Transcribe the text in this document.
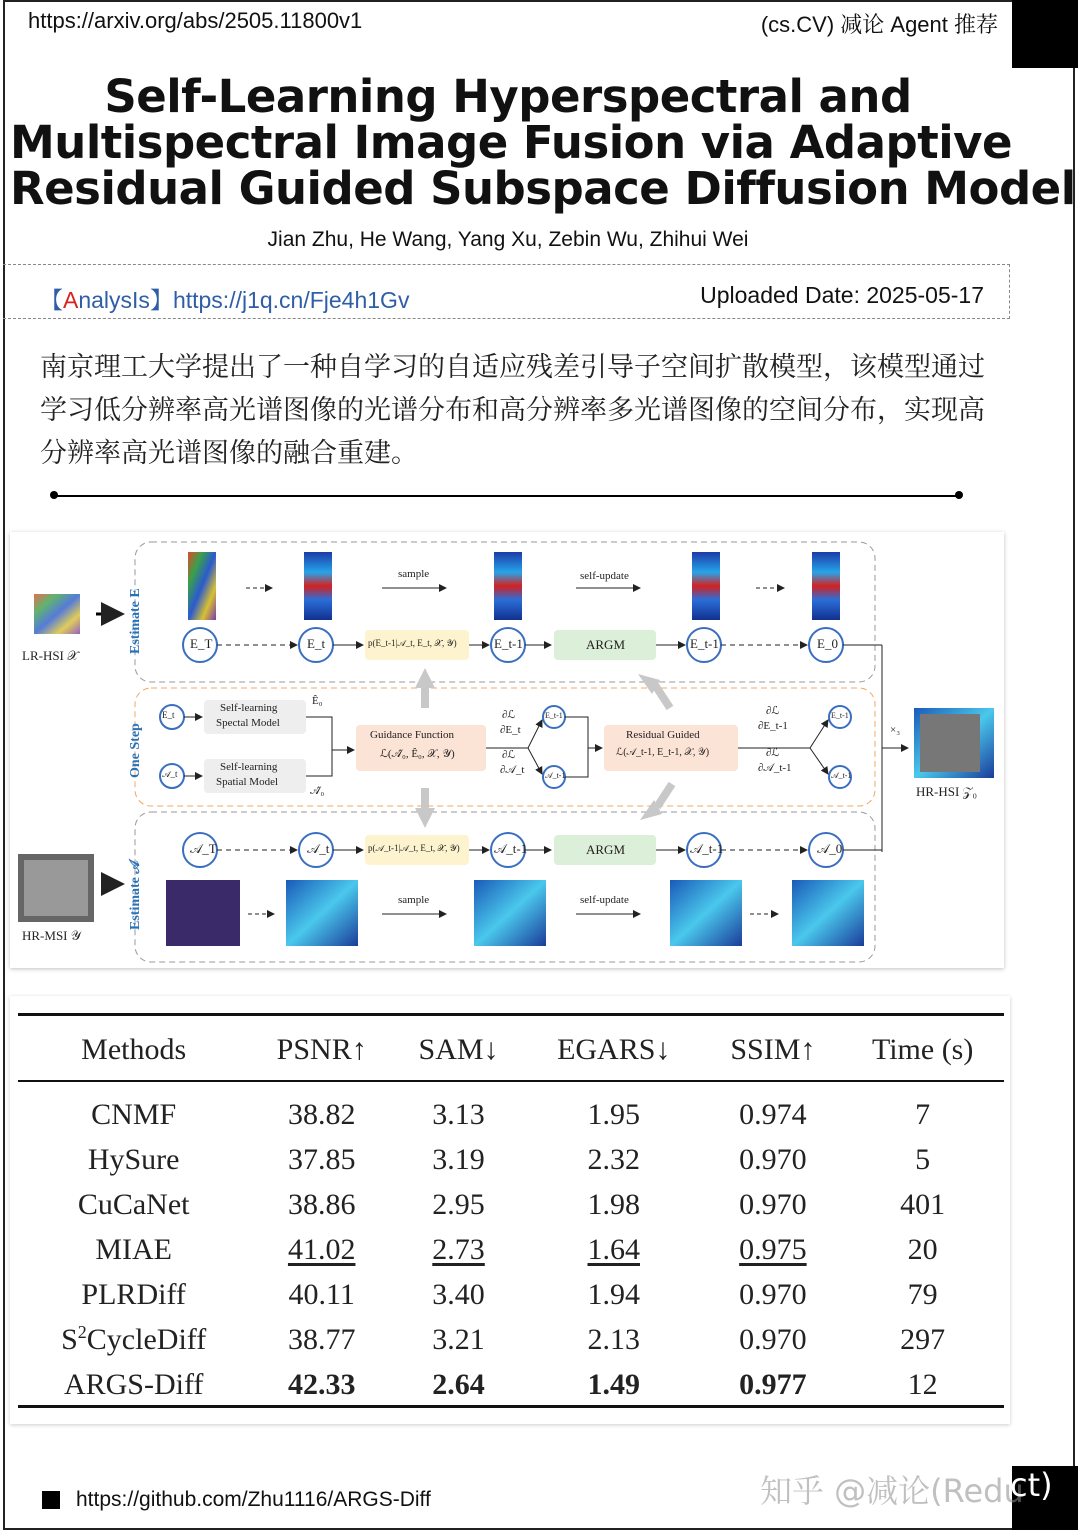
https://arxiv.org/abs/2505.11800v1	(cs.CV) 减论 Agent 推荐
Self-Learning Hyperspectral and
Multispectral Image Fusion via Adaptive
Residual Guided Subspace Diffusion Model
Jian Zhu, He Wang, Yang Xu, Zebin Wu, Zhihui Wei
【AnalysIs】https://j1q.cn/Fje4h1Gv	Uploaded Date: 2025-05-17
南京理工大学提出了一种自学习的自适应残差引导子空间扩散模型，该模型通过学习低分辨率高光谱图像的光谱分布和高分辨率多光谱图像的空间分布，实现高分辨率高光谱图像的融合重建。
LR-HSI 𝒳
HR-MSI 𝒴
HR-HSI 𝒵₀
Estimate E
One Step
Estimate 𝒜
sample	self-update
sample	self-update
ARGM
ARGM
p(E_t-1|𝒜_t, E_t, 𝒳, 𝒴)
p(𝒜_t-1|𝒜_t, E_t, 𝒳, 𝒴)
E_T	E_t	E_t-1	E_t-1	E_0
𝒜_T	𝒜_t	𝒜_t-1	𝒜_t-1	𝒜_0
E_t
𝒜_t
E_t-1
𝒜_t-1
E_t-1
𝒜_t-1
Self-learning
Spectal Model
Self-learning
Spatial Model
Ê₀
𝒜̂₀
Guidance Function
ℒ(𝒜̂₀, Ê₀, 𝒳, 𝒴)
Residual Guided
ℒ(𝒜_t-1, E_t-1, 𝒳, 𝒴)
∂ℒ
∂E_t
∂ℒ
∂𝒜_t
∂ℒ
∂E_t-1
∂ℒ
∂𝒜_t-1
×₃
Methods	PSNR↑	SAM↓	EGARS↓	SSIM↑	Time (s)

CNMF	38.82	3.13	1.95	0.974	7
HySure	37.85	3.19	2.32	0.970	5
CuCaNet	38.86	2.95	1.98	0.970	401
MIAE	41.02	2.73	1.64	0.975	20
PLRDiff	40.11	3.40	1.94	0.970	79
$S^2CycleDiff$	38.77	3.21	2.13	0.970	297
ARGS-Diff	42.33	2.64	1.49	0.977	12
https://github.com/Zhu1116/ARGS-Diff	知乎 @减论(Redu
ct)
